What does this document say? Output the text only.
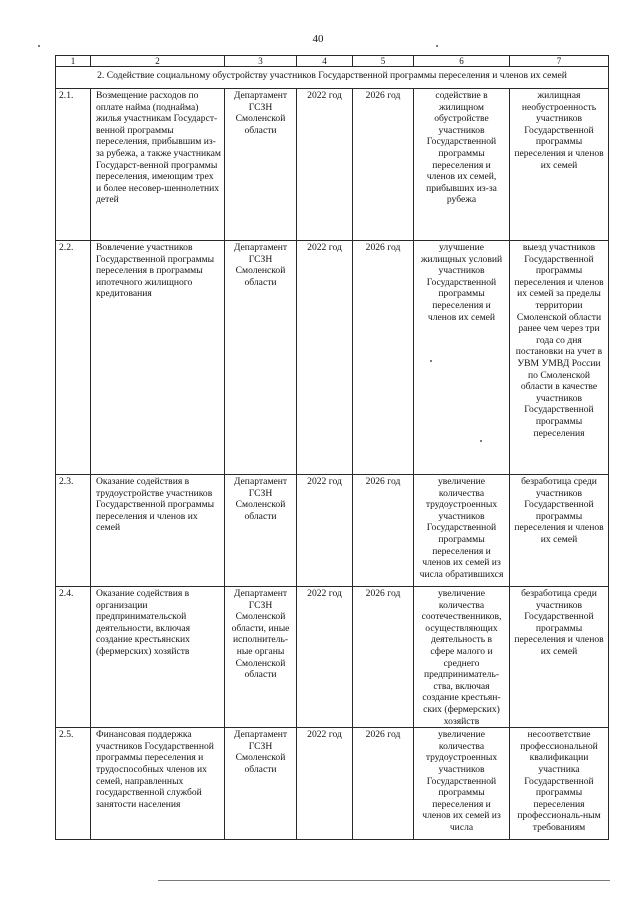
40
1	2	3	4	5	6	7
2. Содействие социальному обустройству участников Государственной программы переселения и членов их семей						
2.1.	Возмещение расходов по оплате найма (поднайма) жилья участникам Государст-венной программы переселения, прибывшим из-за рубежа, а также участникам Государст-венной программы переселения, имеющим трех и более несовер-шеннолетних детей	Департамент ГСЗН Смоленской области	2022 год	2026 год	содействие в жилищном обустройстве участников Государственной программы переселения и членов их семей, прибывших из-за рубежа	жилищная необустроенность участников Государственной программы переселения и членов их семей
2.2.	Вовлечение участников Государственной программы переселения в программы ипотечного жилищного кредитования	Департамент ГСЗН Смоленской области	2022 год	2026 год	улучшение жилищных условий участников Государственной программы переселения и членов их семей	выезд участников Государственной программы переселения и членов их семей за пределы территории Смоленской области ранее чем через три года со дня постановки на учет в УВМ УМВД России по Смоленской области в качестве участников Государственной программы переселения
2.3.	Оказание содействия в трудоустройстве участников Государственной программы переселения и членов их семей	Департамент ГСЗН Смоленской области	2022 год	2026 год	увеличение количества трудоустроенных участников Государственной программы переселения и членов их семей из числа обратившихся	безработица среди участников Государственной программы переселения и членов их семей
2.4.	Оказание содействия в организации предпринимательской деятельности, включая создание крестьянских (фермерских) хозяйств	Департамент ГСЗН Смоленской области, иные исполнитель-ные органы Смоленской области	2022 год	2026 год	увеличение количества соотечественников, осуществляющих деятельность в сфере малого и среднего предприниматель-ства, включая создание крестьян-ских (фермерских) хозяйств	безработица среди участников Государственной программы переселения и членов их семей
2.5.	Финансовая поддержка участников Государственной программы переселения и трудоспособных членов их семей, направленных государственной службой занятости населения	Департамент ГСЗН Смоленской области	2022 год	2026 год	увеличение количества трудоустроенных участников Государственной программы переселения и членов их семей из числа	несоответствие профессиональной квалификации участника Государственной программы переселения профессиональ-ным требованиям
